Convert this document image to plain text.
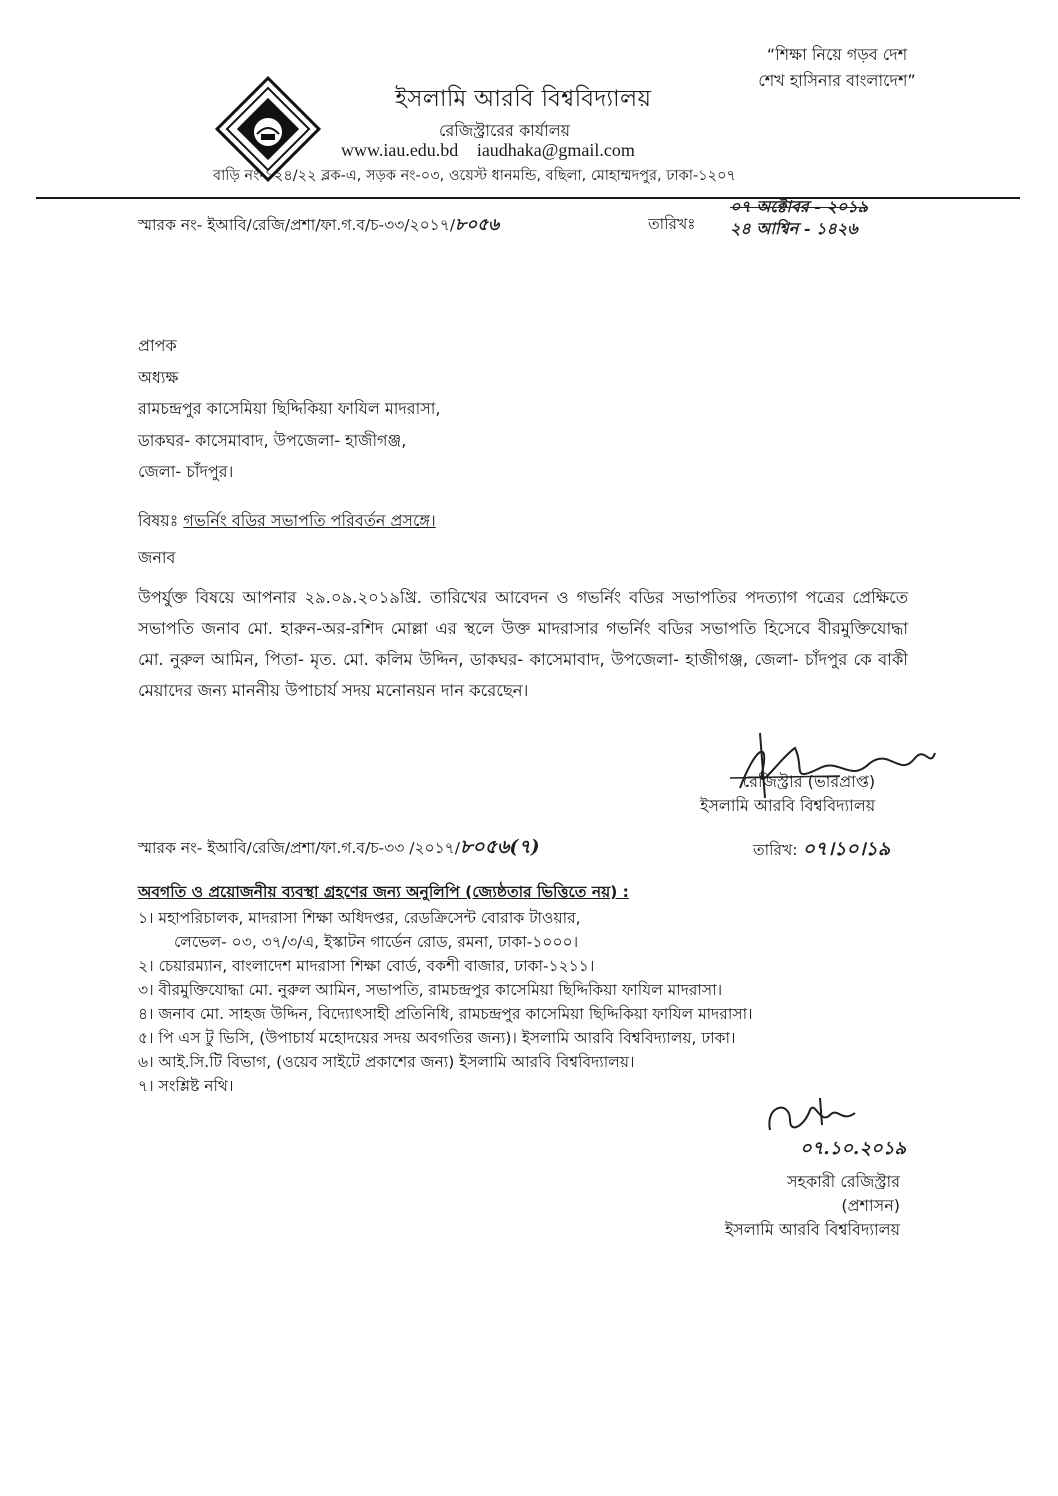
ইসলামি আরবি বিশ্ববিদ্যালয়
রেজিস্ট্রারের কার্যালয়
www.iau.edu.bd iaudhaka@gmail.com
বাড়ি নং-১২৪/২২ ব্লক-এ, সড়ক নং-০৩, ওয়েস্ট ধানমন্ডি, বছিলা, মোহাম্মদপুর, ঢাকা-১২০৭
“শিক্ষা নিয়ে গড়ব দেশ
শেখ হাসিনার বাংলাদেশ”
স্মারক নং- ইআবি/রেজি/প্রশা/ফা.গ.ব/চ-৩৩/২০১৭/৮০৫৬	তারিখঃ
০৭ অক্টোবর - ২০১৯
২৪ আশ্বিন - ১৪২৬
প্রাপক
অধ্যক্ষ
রামচন্দ্রপুর কাসেমিয়া ছিদ্দিকিয়া ফাযিল মাদরাসা,
ডাকঘর- কাসেমাবাদ, উপজেলা- হাজীগঞ্জ,
জেলা- চাঁদপুর।
বিষয়ঃ গভর্নিং বডির সভাপতি পরিবর্তন প্রসঙ্গে।
জনাব
উপর্যুক্ত বিষয়ে আপনার ২৯.০৯.২০১৯খ্রি. তারিখের আবেদন ও গভর্নিং বডির সভাপতির পদত্যাগ পত্রের প্রেক্ষিতে সভাপতি জনাব মো. হারুন-অর-রশিদ মোল্লা এর স্থলে উক্ত মাদরাসার গভর্নিং বডির সভাপতি হিসেবে বীরমুক্তিযোদ্ধা মো. নুরুল আমিন, পিতা- মৃত. মো. কলিম উদ্দিন, ডাকঘর- কাসেমাবাদ, উপজেলা- হাজীগঞ্জ, জেলা- চাঁদপুর কে বাকী মেয়াদের জন্য মাননীয় উপাচার্য সদয় মনোনয়ন দান করেছেন।
রেজিস্ট্রার (ভারপ্রাপ্ত)
ইসলামি আরবি বিশ্ববিদ্যালয়
স্মারক নং- ইআবি/রেজি/প্রশা/ফা.গ.ব/চ-৩৩ /২০১৭/৮০৫৬(৭)	তারিখ: ০৭।১০।১৯
অবগতি ও প্রয়োজনীয় ব্যবস্থা গ্রহণের জন্য অনুলিপি (জ্যেষ্ঠতার ভিত্তিতে নয়) :
১। মহাপরিচালক, মাদরাসা শিক্ষা অধিদপ্তর, রেডক্রিসেন্ট বোরাক টাওয়ার,
লেভেল- ০৩, ৩৭/৩/এ, ইস্কাটন গার্ডেন রোড, রমনা, ঢাকা-১০০০।
২। চেয়ারম্যান, বাংলাদেশ মাদরাসা শিক্ষা বোর্ড, বকশী বাজার, ঢাকা-১২১১।
৩। বীরমুক্তিযোদ্ধা মো. নুরুল আমিন, সভাপতি, রামচন্দ্রপুর কাসেমিয়া ছিদ্দিকিয়া ফাযিল মাদরাসা।
৪। জনাব মো. সাহজ উদ্দিন, বিদ্যোৎসাহী প্রতিনিধি, রামচন্দ্রপুর কাসেমিয়া ছিদ্দিকিয়া ফাযিল মাদরাসা।
৫। পি এস টু ভিসি, (উপাচার্য মহোদয়ের সদয় অবগতির জন্য)। ইসলামি আরবি বিশ্ববিদ্যালয়, ঢাকা।
৬। আই.সি.টি বিভাগ, (ওয়েব সাইটে প্রকাশের জন্য) ইসলামি আরবি বিশ্ববিদ্যালয়।
৭। সংশ্লিষ্ট নথি।
০৭.১০.২০১৯
সহকারী রেজিস্ট্রার
(প্রশাসন)
ইসলামি আরবি বিশ্ববিদ্যালয়
